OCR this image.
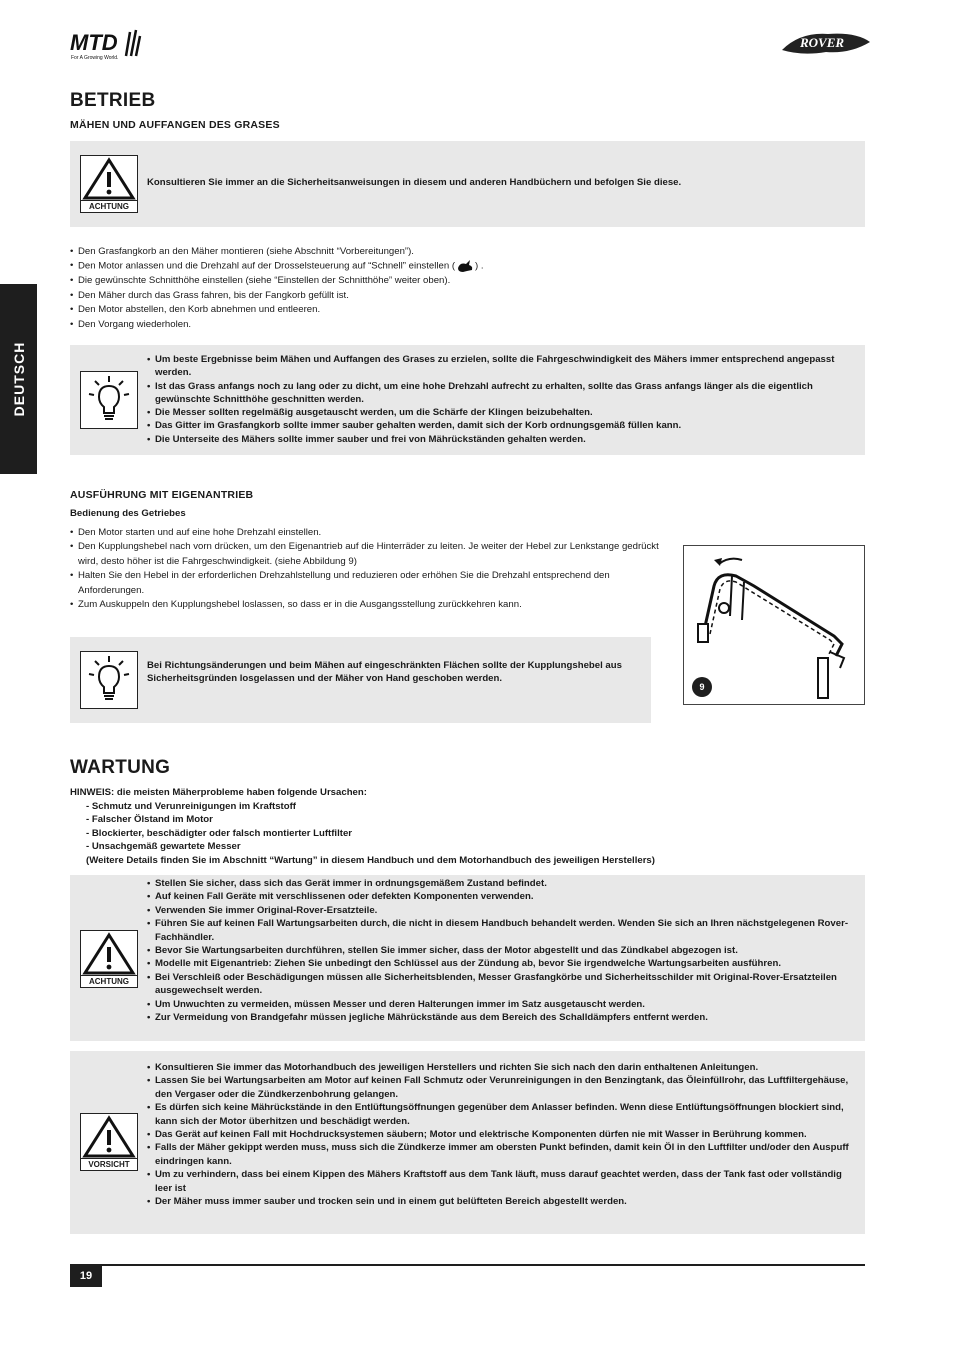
MTD
For A Growing World.
ROVER
DEUTSCH
BETRIEB
MÄHEN UND AUFFANGEN DES GRASES
ACHTUNG
Konsultieren Sie immer an die Sicherheitsanweisungen in diesem und anderen Handbüchern und befolgen Sie diese.
• Den Grasfangkorb an den Mäher montieren (siehe Abschnitt “Vorbereitungen”).
• Den Motor anlassen und die Drehzahl auf der Drosselsteuerung auf “Schnell” einstellen ( ) .
• Die gewünschte Schnitthöhe einstellen (siehe “Einstellen der Schnitthöhe” weiter oben).
• Den Mäher durch das Grass fahren, bis der Fangkorb gefüllt ist.
• Den Motor abstellen, den Korb abnehmen und entleeren.
• Den Vorgang wiederholen.
• Um beste Ergebnisse beim Mähen und Auffangen des Grases zu erzielen, sollte die Fahrgeschwindigkeit des Mähers immer entsprechend angepasst werden.
• Ist das Grass anfangs noch zu lang oder zu dicht, um eine hohe Drehzahl aufrecht zu erhalten, sollte das Grass anfangs länger als die eigentlich gewünschte Schnitthöhe geschnitten werden.
• Die Messer sollten regelmäßig ausgetauscht werden, um die Schärfe der Klingen beizubehalten.
• Das Gitter im Grasfangkorb sollte immer sauber gehalten werden, damit sich der Korb ordnungsgemäß füllen kann.
• Die Unterseite des Mähers sollte immer sauber und frei von Mährückständen gehalten werden.
AUSFÜHRUNG MIT EIGENANTRIEB
Bedienung des Getriebes
• Den Motor starten und auf eine hohe Drehzahl einstellen.
• Den Kupplungshebel nach vorn drücken, um den Eigenantrieb auf die Hinterräder zu leiten. Je weiter der Hebel zur Lenkstange gedrückt wird, desto höher ist die Fahrgeschwindigkeit. (siehe Abbildung 9)
• Halten Sie den Hebel in der erforderlichen Drehzahlstellung und reduzieren oder erhöhen Sie die Drehzahl entsprechend den Anforderungen.
• Zum Auskuppeln den Kupplungshebel loslassen, so dass er in die Ausgangsstellung zurückkehren kann.
9
Bei Richtungsänderungen und beim Mähen auf eingeschränkten Flächen sollte der Kupplungshebel aus Sicherheitsgründen losgelassen und der Mäher von Hand geschoben werden.
WARTUNG
HINWEIS: die meisten Mäherprobleme haben folgende Ursachen:
- Schmutz und Verunreinigungen im Kraftstoff
- Falscher Ölstand im Motor
- Blockierter, beschädigter oder falsch montierter Luftfilter
- Unsachgemäß gewartete Messer
(Weitere Details finden Sie im Abschnitt “Wartung” in diesem Handbuch und dem Motorhandbuch des jeweiligen Herstellers)
ACHTUNG
• Stellen Sie sicher, dass sich das Gerät immer in ordnungsgemäßem Zustand befindet.
• Auf keinen Fall Geräte mit verschlissenen oder defekten Komponenten verwenden.
• Verwenden Sie immer Original-Rover-Ersatzteile.
• Führen Sie auf keinen Fall Wartungsarbeiten durch, die nicht in diesem Handbuch behandelt werden. Wenden Sie sich an Ihren nächstgelegenen Rover-Fachhändler.
• Bevor Sie Wartungsarbeiten durchführen, stellen Sie immer sicher, dass der Motor abgestellt und das Zündkabel abgezogen ist.
• Modelle mit Eigenantrieb: Ziehen Sie unbedingt den Schlüssel aus der Zündung ab, bevor Sie irgendwelche Wartungsarbeiten ausführen.
• Bei Verschleiß oder Beschädigungen müssen alle Sicherheitsblenden, Messer Grasfangkörbe und Sicherheitsschilder mit Original-Rover-Ersatzteilen ausgewechselt werden.
• Um Unwuchten zu vermeiden, müssen Messer und deren Halterungen immer im Satz ausgetauscht werden.
• Zur Vermeidung von Brandgefahr müssen jegliche Mährückstände aus dem Bereich des Schalldämpfers entfernt werden.
VORSICHT
• Konsultieren Sie immer das Motorhandbuch des jeweiligen Herstellers und richten Sie sich nach den darin enthaltenen Anleitungen.
• Lassen Sie bei Wartungsarbeiten am Motor auf keinen Fall Schmutz oder Verunreinigungen in den Benzingtank, das Öleinfüllrohr, das Luftfiltergehäuse, den Vergaser oder die Zündkerzenbohrung gelangen.
• Es dürfen sich keine Mährückstände in den Entlüftungsöffnungen gegenüber dem Anlasser befinden. Wenn diese Entlüftungsöffnungen blockiert sind, kann sich der Motor überhitzen und beschädigt werden.
• Das Gerät auf keinen Fall mit Hochdrucksystemen säubern; Motor und elektrische Komponenten dürfen nie mit Wasser in Berührung kommen.
• Falls der Mäher gekippt werden muss, muss sich die Zündkerze immer am obersten Punkt befinden, damit kein Öl in den Luftfilter und/oder den Auspuff eindringen kann.
• Um zu verhindern, dass bei einem Kippen des Mähers Kraftstoff aus dem Tank läuft, muss darauf geachtet werden, dass der Tank fast oder vollständig leer ist
• Der Mäher muss immer sauber und trocken sein und in einem gut belüfteten Bereich abgestellt werden.
19
